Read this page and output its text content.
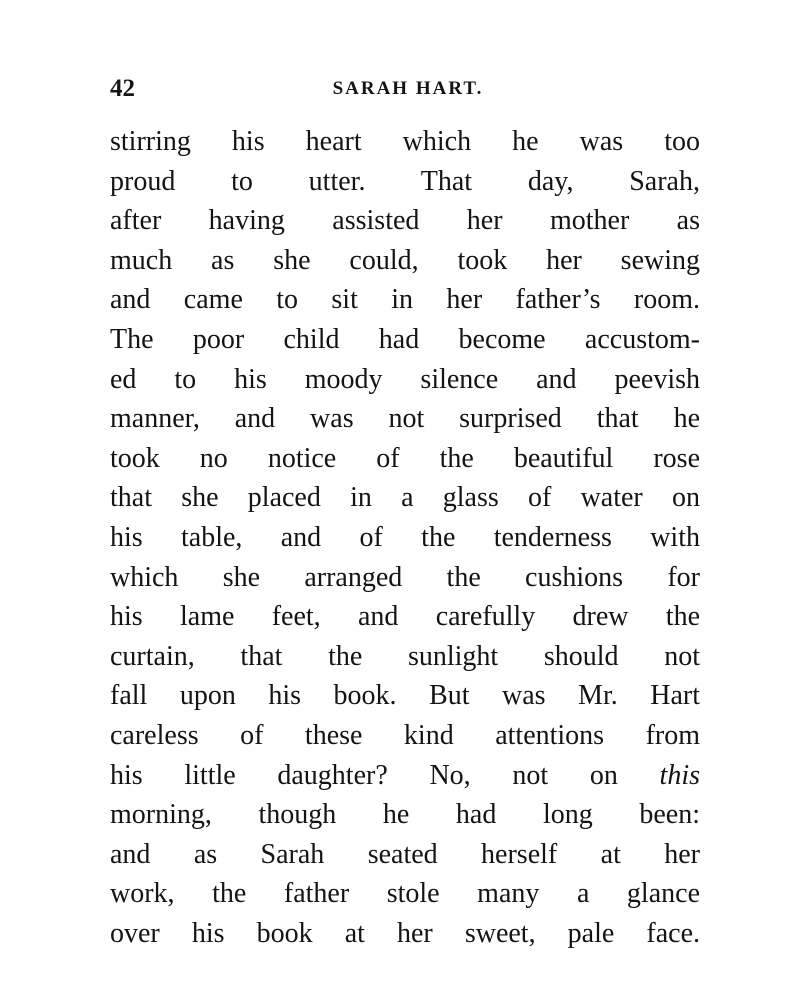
42	SARAH HART.
stirring his heart which he was too
proud to utter. That day, Sarah,
after having assisted her mother as
much as she could, took her sewing
and came to sit in her father’s room.
The poor child had become accustom-
ed to his moody silence and peevish
manner, and was not surprised that he
took no notice of the beautiful rose
that she placed in a glass of water on
his table, and of the tenderness with
which she arranged the cushions for
his lame feet, and carefully drew the
curtain, that the sunlight should not
fall upon his book. But was Mr. Hart
careless of these kind attentions from
his little daughter? No, not on this
morning, though he had long been:
and as Sarah seated herself at her
work, the father stole many a glance
over his book at her sweet, pale face.
